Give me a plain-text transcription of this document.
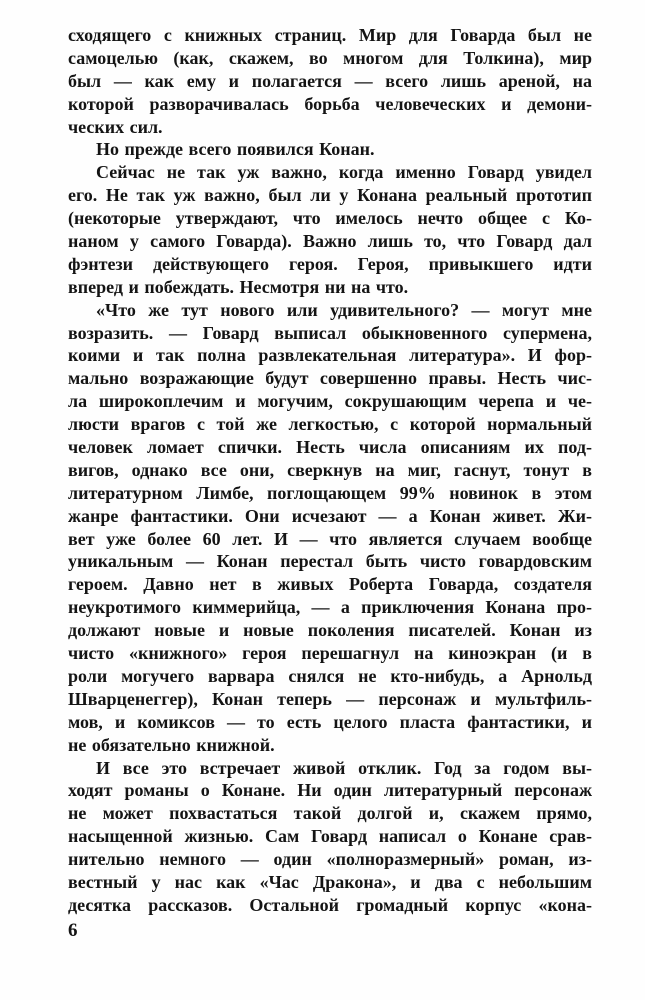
сходящего с книжных страниц. Мир для Говарда был не
самоцелью (как, скажем, во многом для Толкина), мир
был — как ему и полагается — всего лишь ареной, на
которой разворачивалась борьба человеческих и демони-
ческих сил.
Но прежде всего появился Конан.
Сейчас не так уж важно, когда именно Говард увидел
его. Не так уж важно, был ли у Конана реальный прототип
(некоторые утверждают, что имелось нечто общее с Ко-
наном у самого Говарда). Важно лишь то, что Говард дал
фэнтези действующего героя. Героя, привыкшего идти
вперед и побеждать. Несмотря ни на что.
«Что же тут нового или удивительного? — могут мне
возразить. — Говард выписал обыкновенного супермена,
коими и так полна развлекательная литература». И фор-
мально возражающие будут совершенно правы. Несть чис-
ла широкоплечим и могучим, сокрушающим черепа и че-
люсти врагов с той же легкостью, с которой нормальный
человек ломает спички. Несть числа описаниям их под-
вигов, однако все они, сверкнув на миг, гаснут, тонут в
литературном Лимбе, поглощающем 99% новинок в этом
жанре фантастики. Они исчезают — а Конан живет. Жи-
вет уже более 60 лет. И — что является случаем вообще
уникальным — Конан перестал быть чисто говардовским
героем. Давно нет в живых Роберта Говарда, создателя
неукротимого киммерийца, — а приключения Конана про-
должают новые и новые поколения писателей. Конан из
чисто «книжного» героя перешагнул на киноэкран (и в
роли могучего варвара снялся не кто-нибудь, а Арнольд
Шварценеггер), Конан теперь — персонаж и мультфиль-
мов, и комиксов — то есть целого пласта фантастики, и
не обязательно книжной.
И все это встречает живой отклик. Год за годом вы-
ходят романы о Конане. Ни один литературный персонаж
не может похвастаться такой долгой и, скажем прямо,
насыщенной жизнью. Сам Говард написал о Конане срав-
нительно немного — один «полноразмерный» роман, из-
вестный у нас как «Час Дракона», и два с небольшим
десятка рассказов. Остальной громадный корпус «кона-
6
